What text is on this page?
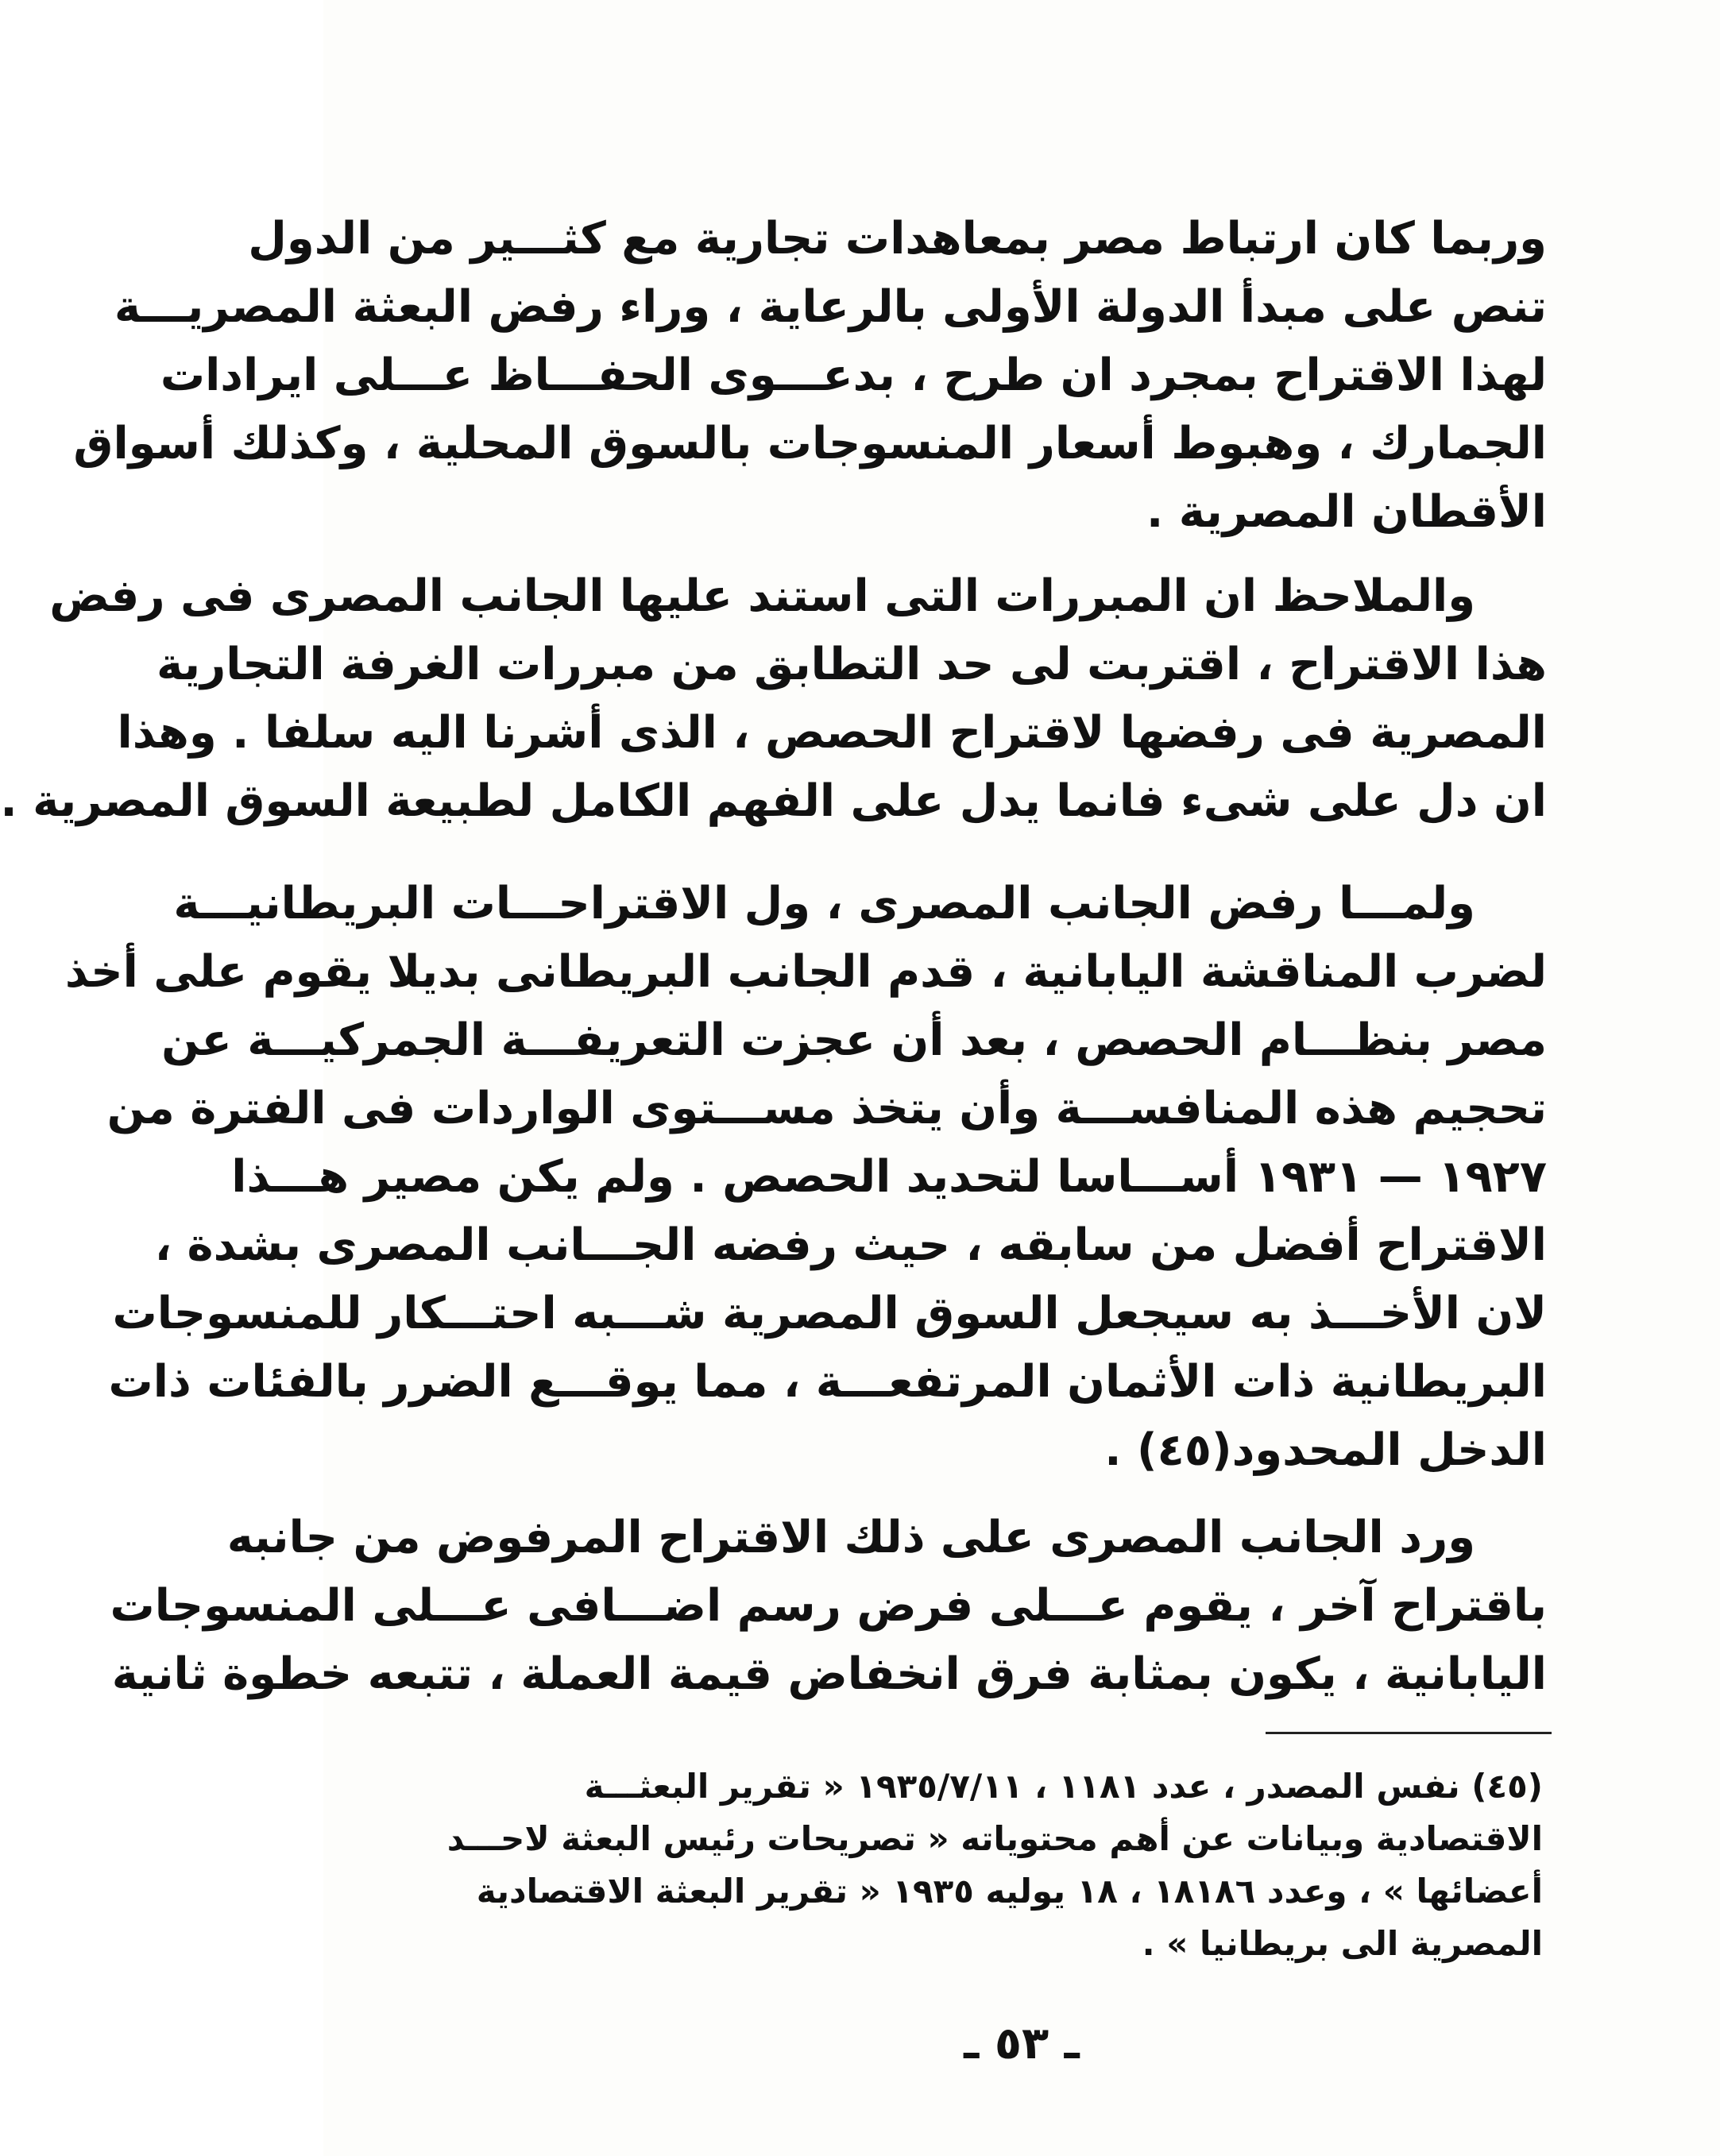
وربما كان ارتباط مصر بمعاهدات تجارية مع كثـــير من الدول
تنص على مبدأ الدولة الأولى بالرعاية ، وراء رفض البعثة المصريـــة
لهذا الاقتراح بمجرد ان طرح ، بدعـــوى الحفـــاظ عـــلى ايرادات
الجمارك ، وهبوط أسعار المنسوجات بالسوق المحلية ، وكذلك أسواق
الأقطان المصرية .
والملاحظ ان المبررات التى استند عليها الجانب المصرى فى رفض
هذا الاقتراح ، اقتربت لى حد التطابق من مبررات الغرفة التجارية
المصرية فى رفضها لاقتراح الحصص ، الذى أشرنا اليه سلفا . وهذا
ان دل على شىء فانما يدل على الفهم الكامل لطبيعة السوق المصرية .
ولمـــا رفض الجانب المصرى ، ول الاقتراحـــات البريطانيـــة
لضرب المناقشة اليابانية ، قدم الجانب البريطانى بديلا يقوم على أخذ
مصر بنظـــام الحصص ، بعد أن عجزت التعريفـــة الجمركيـــة عن
تحجيم هذه المنافســـة وأن يتخذ مســـتوى الواردات فى الفترة من
١٩٢٧ — ١٩٣١ أســـاسا لتحديد الحصص . ولم يكن مصير هـــذا
الاقتراح أفضل من سابقه ، حيث رفضه الجـــانب المصرى بشدة ،
لان الأخـــذ به سيجعل السوق المصرية شـــبه احتـــكار للمنسوجات
البريطانية ذات الأثمان المرتفعـــة ، مما يوقـــع الضرر بالفئات ذات
الدخل المحدود(٤٥) .
ورد الجانب المصرى على ذلك الاقتراح المرفوض من جانبه
باقتراح آخر ، يقوم عـــلى فرض رسم اضـــافى عـــلى المنسوجات
اليابانية ، يكون بمثابة فرق انخفاض قيمة العملة ، تتبعه خطوة ثانية
(٤٥) نفس المصدر ، عدد ١١٨١ ، ١٩٣٥/٧/١١ « تقرير البعثـــة
الاقتصادية وبيانات عن أهم محتوياته « تصريحات رئيس البعثة لاحـــد
أعضائها » ، وعدد ١٨١٨٦ ، ١٨ يوليه ١٩٣٥ « تقرير البعثة الاقتصادية
المصرية الى بريطانيا » .
ـ ٥٣ ـ
